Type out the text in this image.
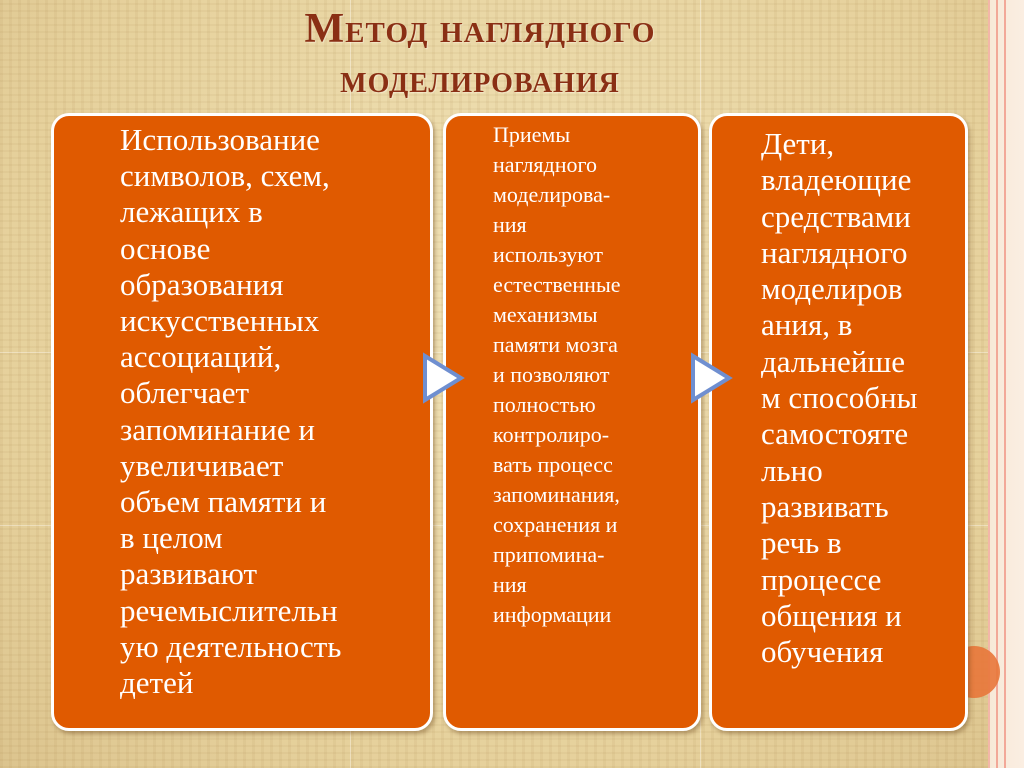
Метод наглядного
моделирования
Использование
символов, схем,
лежащих в
основе
образования
искусственных
ассоциаций,
облегчает
запоминание и
увеличивает
объем памяти и
в целом
развивают
речемыслительн
ую деятельность
детей
Приемы
наглядного
моделирова-
ния
используют
естественные
механизмы
памяти мозга
и позволяют
полностью
контролиро-
вать процесс
запоминания,
сохранения и
припомина-
ния
информации
Дети,
владеющие
средствами
наглядного
моделиров
ания, в
дальнейше
м способны
самостояте
льно
развивать
речь в
процессе
общения и
обучения
